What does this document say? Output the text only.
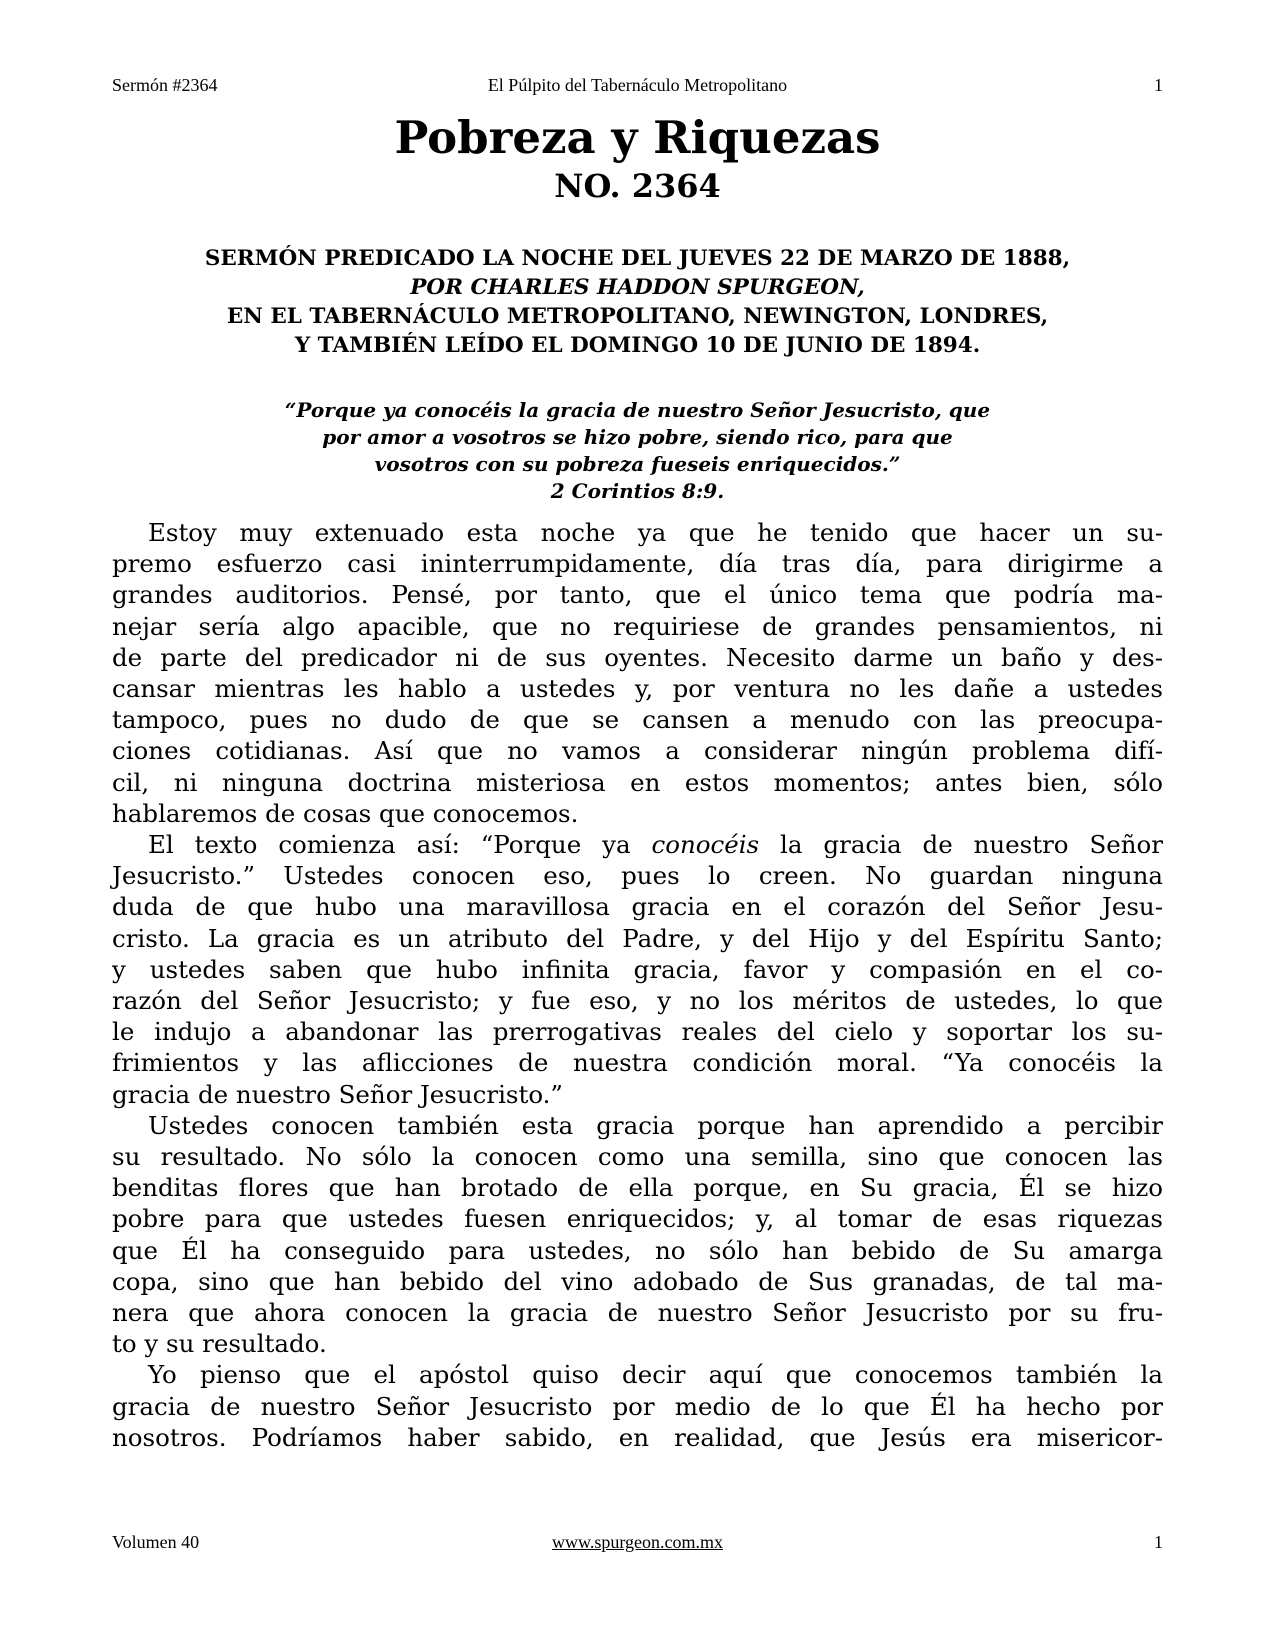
Sermón #2364	El Púlpito del Tabernáculo Metropolitano	1
Pobreza y Riquezas
NO. 2364
SERMÓN PREDICADO LA NOCHE DEL JUEVES 22 DE MARZO DE 1888,
POR CHARLES HADDON SPURGEON,
EN EL TABERNÁCULO METROPOLITANO, NEWINGTON, LONDRES,
Y TAMBIÉN LEÍDO EL DOMINGO 10 DE JUNIO DE 1894.
“Porque ya conocéis la gracia de nuestro Señor Jesucristo, que
por amor a vosotros se hizo pobre, siendo rico, para que
vosotros con su pobreza fueseis enriquecidos.”
2 Corintios 8:9.
Estoy muy extenuado esta noche ya que he tenido que hacer un su-
premo esfuerzo casi ininterrumpidamente, día tras día, para dirigirme a
grandes auditorios. Pensé, por tanto, que el único tema que podría ma-
nejar sería algo apacible, que no requiriese de grandes pensamientos, ni
de parte del predicador ni de sus oyentes. Necesito darme un baño y des-
cansar mientras les hablo a ustedes y, por ventura no les dañe a ustedes
tampoco, pues no dudo de que se cansen a menudo con las preocupa-
ciones cotidianas. Así que no vamos a considerar ningún problema difí-
cil, ni ninguna doctrina misteriosa en estos momentos; antes bien, sólo
hablaremos de cosas que conocemos.
El texto comienza así: “Porque ya conocéis la gracia de nuestro Señor
Jesucristo.” Ustedes conocen eso, pues lo creen. No guardan ninguna
duda de que hubo una maravillosa gracia en el corazón del Señor Jesu-
cristo. La gracia es un atributo del Padre, y del Hijo y del Espíritu Santo;
y ustedes saben que hubo infinita gracia, favor y compasión en el co-
razón del Señor Jesucristo; y fue eso, y no los méritos de ustedes, lo que
le indujo a abandonar las prerrogativas reales del cielo y soportar los su-
frimientos y las aflicciones de nuestra condición moral. “Ya conocéis la
gracia de nuestro Señor Jesucristo.”
Ustedes conocen también esta gracia porque han aprendido a percibir
su resultado. No sólo la conocen como una semilla, sino que conocen las
benditas flores que han brotado de ella porque, en Su gracia, Él se hizo
pobre para que ustedes fuesen enriquecidos; y, al tomar de esas riquezas
que Él ha conseguido para ustedes, no sólo han bebido de Su amarga
copa, sino que han bebido del vino adobado de Sus granadas, de tal ma-
nera que ahora conocen la gracia de nuestro Señor Jesucristo por su fru-
to y su resultado.
Yo pienso que el apóstol quiso decir aquí que conocemos también la
gracia de nuestro Señor Jesucristo por medio de lo que Él ha hecho por
nosotros. Podríamos haber sabido, en realidad, que Jesús era misericor-
Volumen 40	www.spurgeon.com.mx	1
